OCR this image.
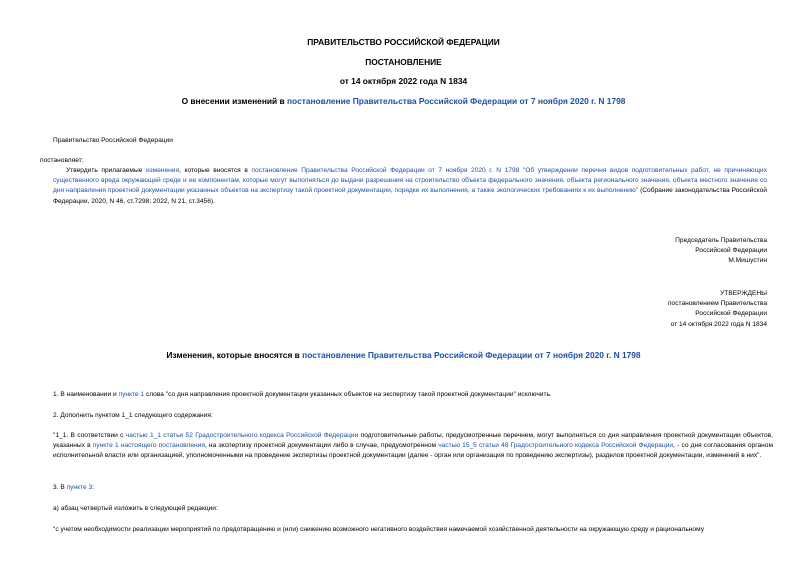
ПРАВИТЕЛЬСТВО РОССИЙСКОЙ ФЕДЕРАЦИИ
ПОСТАНОВЛЕНИЕ
от 14 октября 2022 года N 1834
О внесении изменений в постановление Правительства Российской Федерации от 7 ноября 2020 г. N 1798
Правительство Российской Федерации
постановляет:
Утвердить прилагаемые изменения, которые вносятся в постановление Правительства Российской Федерации от 7 ноября 2020 г. N 1798 "Об утверждении перечня видов подготовительных работ, не причиняющих существенного вреда окружающей среде и ее компонентам, которые могут выполняться до выдачи разрешения на строительство объекта федерального значения, объекта регионального значения, объекта местного значения со дня направления проектной документации указанных объектов на экспертизу такой проектной документации, порядке их выполнения, а также экологических требованиях к их выполнению" (Собрание законодательства Российской Федерации, 2020, N 46, ст.7298; 2022, N 21, ст.3456).
Председатель Правительства
Российской Федерации
М.Мишустин
УТВЕРЖДЕНЫ
постановлением Правительства
Российской Федерации
от 14 октября 2022 года N 1834
Изменения, которые вносятся в постановление Правительства Российской Федерации от 7 ноября 2020 г. N 1798
1. В наименовании и пункте 1 слова "со дня направления проектной документации указанных объектов на экспертизу такой проектной документации" исключить.
2. Дополнить пунктом 1_1 следующего содержания:
"1_1. В соответствии с частью 1_1 статьи 52 Градостроительного кодекса Российской Федерации подготовительные работы, предусмотренные перечнем, могут выполняться со дня направления проектной документации объектов, указанных в пункте 1 настоящего постановления, на экспертизу проектной документации либо в случае, предусмотренном частью 15_5 статьи 48 Градостроительного кодекса Российской Федерации, - со дня согласования органом исполнительной власти или организацией, уполномоченными на проведение экспертизы проектной документации (далее - орган или организация по проведению экспертизы), разделов проектной документации, изменений в них".
3. В пункте 3:
а) абзац четвертый изложить в следующей редакции:
"с учетом необходимости реализации мероприятий по предотвращению и (или) снижению возможного негативного воздействия намечаемой хозяйственной деятельности на окружающую среду и рациональному
